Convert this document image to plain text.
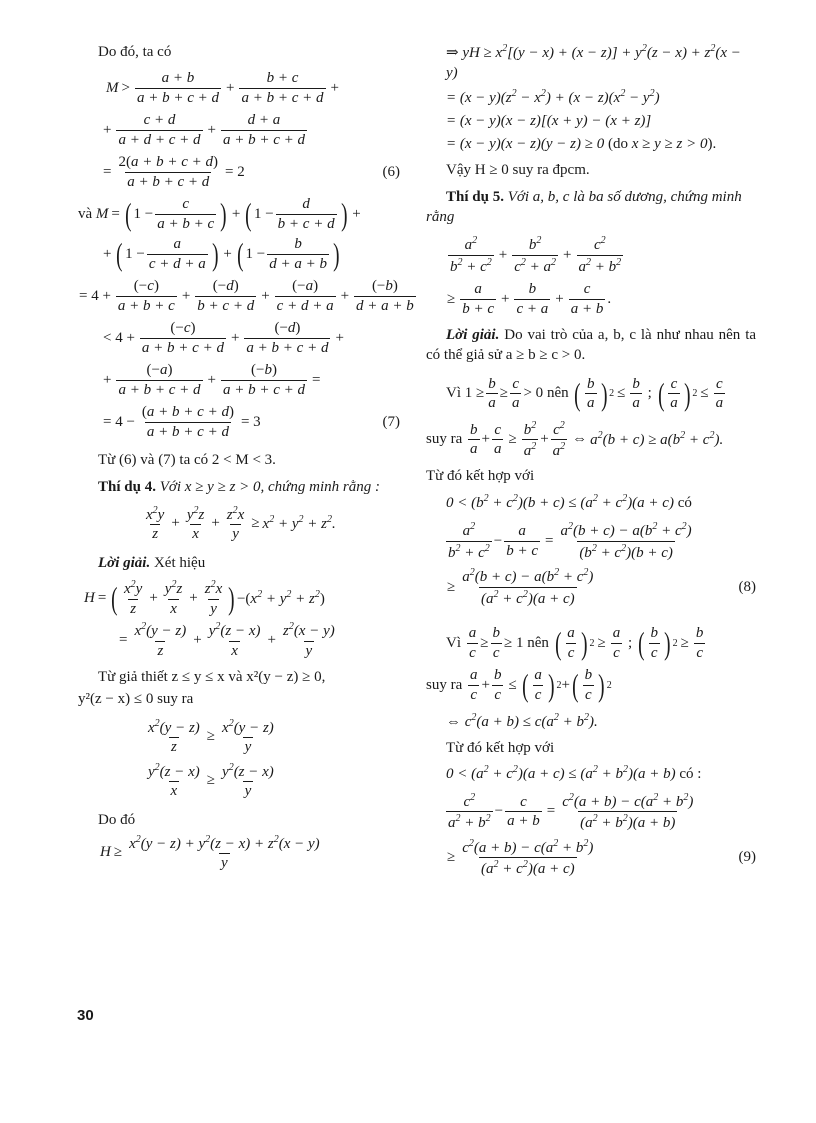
Do đó, ta có
$M > \frac{a + b}{a + b + c + d} + \frac{b + c}{a + b + c + d}$ +
+ $\frac{c + d}{a + d + c + d} + \frac{d + a}{a + b + c + d}$
= $\frac{2(a + b + c + d)}{a + b + c + d} = 2$	(6)
và M = ( $1 - \frac{c}{a + b + c}$ ) + ( $1 - \frac{d}{b + c + d}$ ) +
+ ( $1 - \frac{a}{c + d + a}$ ) + ( $1 - \frac{b}{d + a + b}$ )
= $4 + \frac{(-c)}{a + b + c} + \frac{(-d)}{b + c + d} + \frac{(-a)}{c + d + a} + \frac{(-b)}{d + a + b}$
< $4 + \frac{(-c)}{a + b + c + d} + \frac{(-d)}{a + b + c + d}$ +
+ $\frac{(-a)}{a + b + c + d} + \frac{(-b)}{a + b + c + d}$ =
= $4 - \frac{(a + b + c + d)}{a + b + c + d} = 3$	(7)
Từ (6) và (7) ta có 2 < M < 3.
Thí dụ 4. Với x ≥ y ≥ z > 0, chứng minh rằng :
$\frac{x^2y}{z} + \frac{y^2z}{x} + \frac{z^2x}{y} \ge x^2 + y^2 + z^2$.
Lời giải. Xét hiệu
H = ( $\frac{x^2y}{z} + \frac{y^2z}{x} + \frac{z^2x}{y}$ ) $-(x^2 + y^2 + z^2)$
= $\frac{x^2(y - z)}{z} + \frac{y^2(z - x)}{x} + \frac{z^2(x - y)}{y}$
Từ giả thiết z ≤ y ≤ x và x²(y − z) ≥ 0,
y²(z − x) ≤ 0 suy ra
$\frac{x^2(y - z)}{z} \ge \frac{x^2(y - z)}{y}$
$\frac{y^2(z - x)}{x} \ge \frac{y^2(z - x)}{y}$
Do đó
$H \ge \frac{x^2(y - z) + y^2(z - x) + z^2(x - y)}{y}$
⇒ yH ≥ $x^2[(y - x) + (x - z)] + y^2(z - x) + z^2(x - y)$
= $(x - y)(z^2 - x^2) + (x - z)(x^2 - y^2)$
= (x − y)(x − z)[(x + y) − (x + z)]
= (x − y)(x − z)(y − z) ≥ 0 (do x ≥ y ≥ z > 0).
Vậy H ≥ 0 suy ra đpcm.
Thí dụ 5. Với a, b, c là ba số dương, chứng minh rằng
$\frac{a^2}{b^2 + c^2} + \frac{b^2}{c^2 + a^2} + \frac{c^2}{a^2 + b^2}$
≥ $\frac{a}{b + c} + \frac{b}{c + a} + \frac{c}{a + b}$ .
Lời giải. Do vai trò của a, b, c là như nhau nên ta có thể giả sử a ≥ b ≥ c > 0.
Vì
$1 \ge \frac{b}{a} \ge \frac{c}{a} > 0$ nên
( $\frac{b}{a}$ ) $2 \le \frac{b}{a}$ ; ( $\frac{c}{a}$ ) $2 \le \frac{c}{a}$
suy ra
$\frac{b}{a} + \frac{c}{a} \ge \frac{b^2}{a^2} + \frac{c^2}{a^2}$ ⇔ $a^2(b + c) \ge a(b^2 + c^2)$.
Từ đó kết hợp với
$0 < (b^2 + c^2)(b + c) \le (a^2 + c^2)(a + c)$ có
$\frac{a^2}{b^2 + c^2} - \frac{a}{b + c} = \frac{a^2(b + c) - a(b^2 + c^2)}{(b^2 + c^2)(b + c)}$
≥ $\frac{a^2(b + c) - a(b^2 + c^2)}{(a^2 + c^2)(a + c)}$	(8)
Vì
$\frac{a}{c} \ge \frac{b}{c} \ge 1$ nên
( $\frac{a}{c}$ ) $2 \ge \frac{a}{c}$ ; ( $\frac{b}{c}$ ) $2 \ge \frac{b}{c}$
suy ra
$\frac{a}{c} + \frac{b}{c}$ ≤ ( $\frac{a}{c}$ ) 2 + ( $\frac{b}{c}$ ) 2
⇔ $c^2(a + b) \le c(a^2 + b^2)$.
Từ đó kết hợp với
$0 < (a^2 + c^2)(a + c) \le (a^2 + b^2)(a + b)$ có :
$\frac{c^2}{a^2 + b^2} - \frac{c}{a + b} = \frac{c^2(a + b) - c(a^2 + b^2)}{(a^2 + b^2)(a + b)}$
≥ $\frac{c^2(a + b) - c(a^2 + b^2)}{(a^2 + c^2)(a + c)}$	(9)
30
